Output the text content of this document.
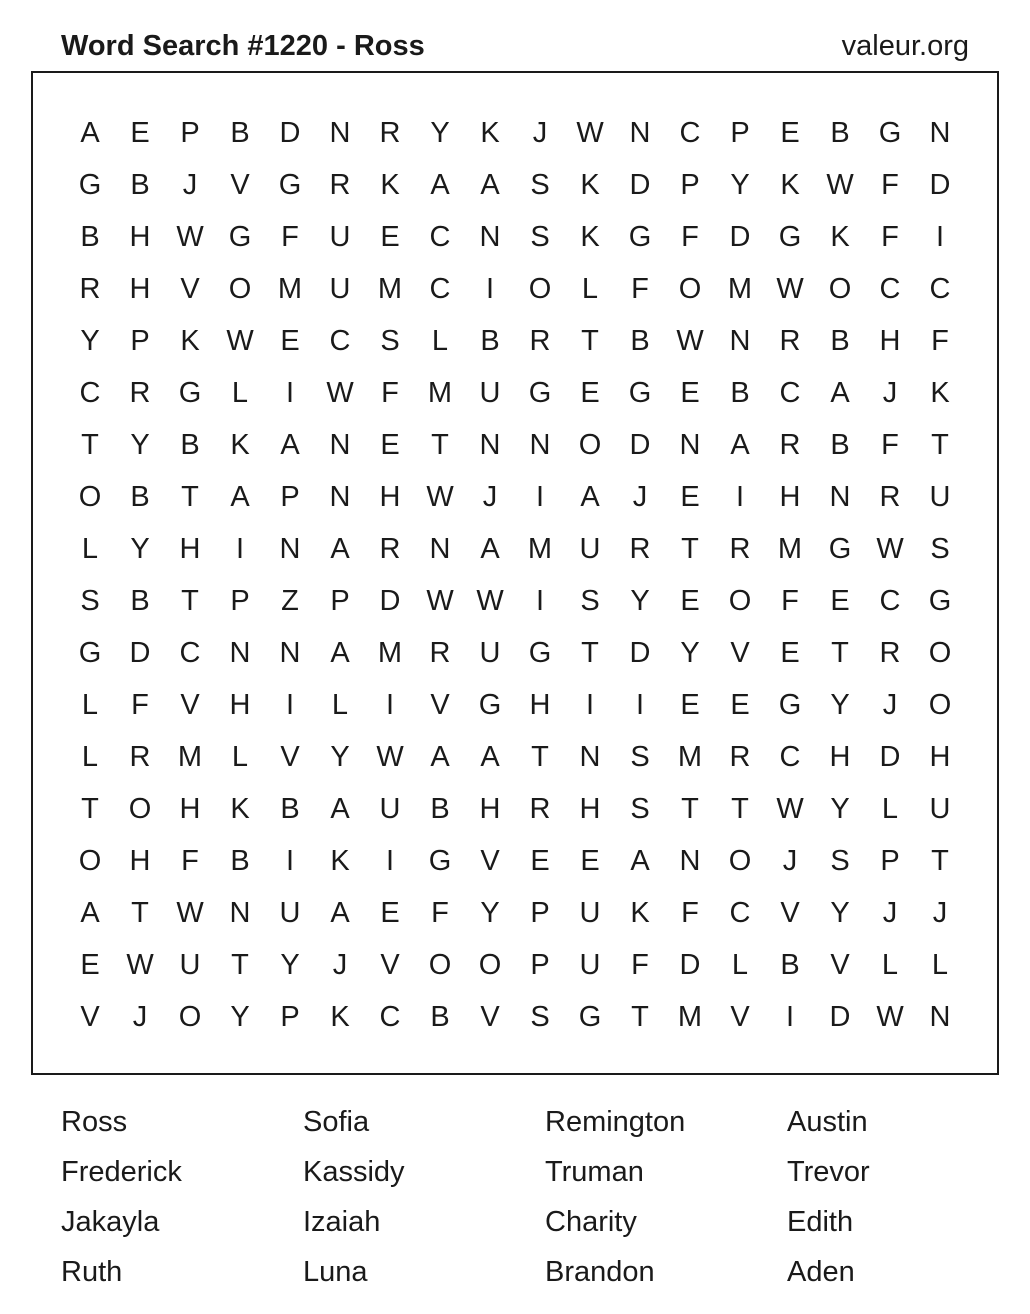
Word Search #1220 - Ross	valeur.org
A	E	P	B	D	N	R	Y	K	J	W N	C	P	E	B	G N
G	B	J	V	G R	K	A	A	S	K	D	P	Y	K W F	D
B	H W G	F	U	E	C	N	S	K	G	F	D G	K	F	I
R	H	V	O M U M C	I	O	L	F	O M W O C	C
Y	P	K W E	C	S	L	B	R	T	B W N	R	B	H	F
C	R G	L	I	W F	M U G	E	G	E	B	C	A	J	K
T	Y	B	K	A	N	E	T	N	N O D	N	A	R	B	F	T
O	B	T	A	P	N	H W	J	I	A	J	E	I	H	N	R	U
L	Y	H	I	N	A	R	N	A M U	R	T	R M G W S
S	B	T	P	Z	P	D W W	I	S	Y	E	O	F	E	C G
G D	C	N	N	A M R	U G	T	D	Y	V	E	T	R O
L	F	V	H	I	L	I	V	G H	I	I	E	E	G	Y	J	O
L	R M	L	V	Y W A	A	T	N	S M R	C	H	D	H
T	O H	K	B	A	U	B	H	R	H	S	T	T W Y	L	U
O H	F	B	I	K	I	G	V	E	E	A	N O	J	S	P	T
A	T W N	U	A	E	F	Y	P	U	K	F	C	V	Y	J	J
E W U	T	Y	J	V	O O	P	U	F	D	L	B	V	L	L
V	J	O	Y	P	K	C	B	V	S	G	T	M V	I	D W N
Ross	Sofia	Remington	Austin
Frederick	Kassidy	Truman	Trevor
Jakayla	Izaiah	Charity	Edith
Ruth	Luna	Brandon	Aden
